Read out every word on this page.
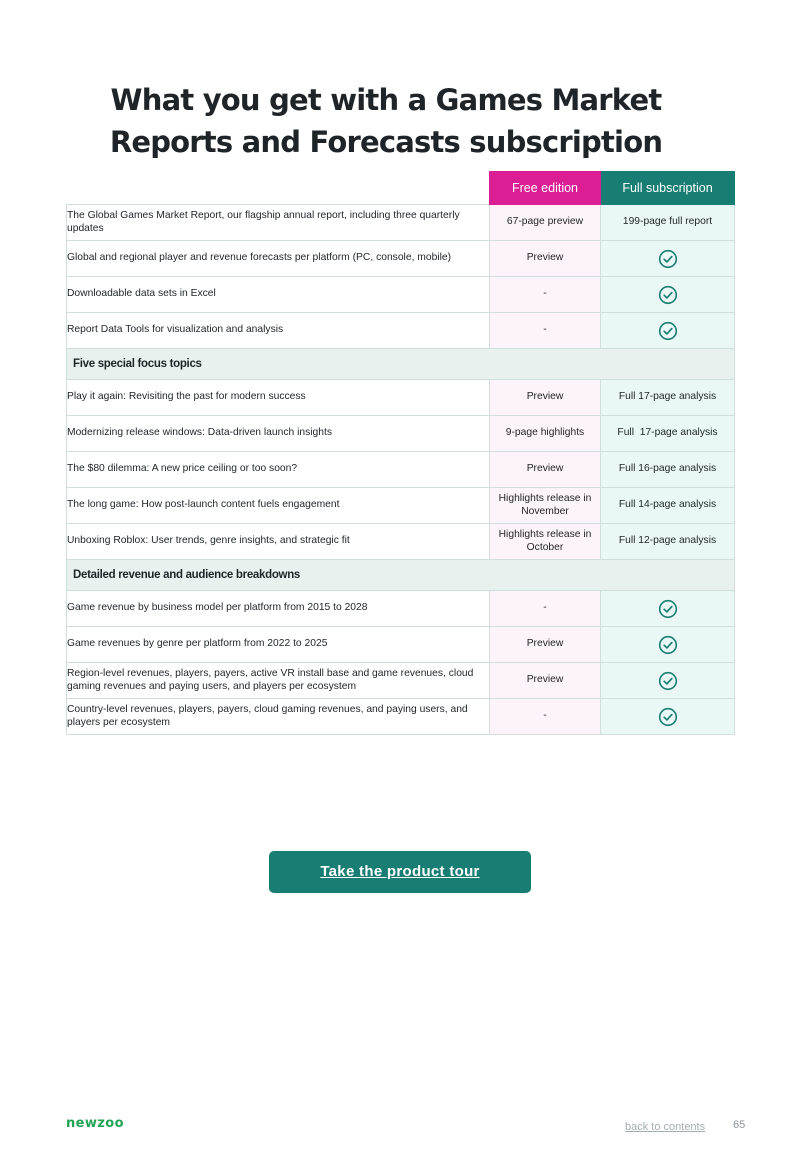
What you get with a Games Market
Reports and Forecasts subscription
	Free edition	Full subscription
The Global Games Market Report, our flagship annual report, including three quarterly updates	67-page preview	199-page full report
Global and regional player and revenue forecasts per platform (PC, console, mobile)	Preview	
Downloadable data sets in Excel	-	
Report Data Tools for visualization and analysis	-	
Five special focus topics		
Play it again: Revisiting the past for modern success	Preview	Full 17-page analysis
Modernizing release windows: Data-driven launch insights	9-page highlights	Full  17-page analysis
The $80 dilemma: A new price ceiling or too soon?	Preview	Full 16-page analysis
The long game: How post-launch content fuels engagement	Highlights release in November	Full 14-page analysis
Unboxing Roblox: User trends, genre insights, and strategic fit	Highlights release in October	Full 12-page analysis
Detailed revenue and audience breakdowns		
Game revenue by business model per platform from 2015 to 2028	-	
Game revenues by genre per platform from 2022 to 2025	Preview	
Region-level revenues, players, payers, active VR install base and game revenues, cloud gaming revenues and paying users, and players per ecosystem	Preview	
Country-level revenues, players, payers, cloud gaming revenues, and paying users, and players per ecosystem	-	
Take the product tour
newzoo	back to contents	65
